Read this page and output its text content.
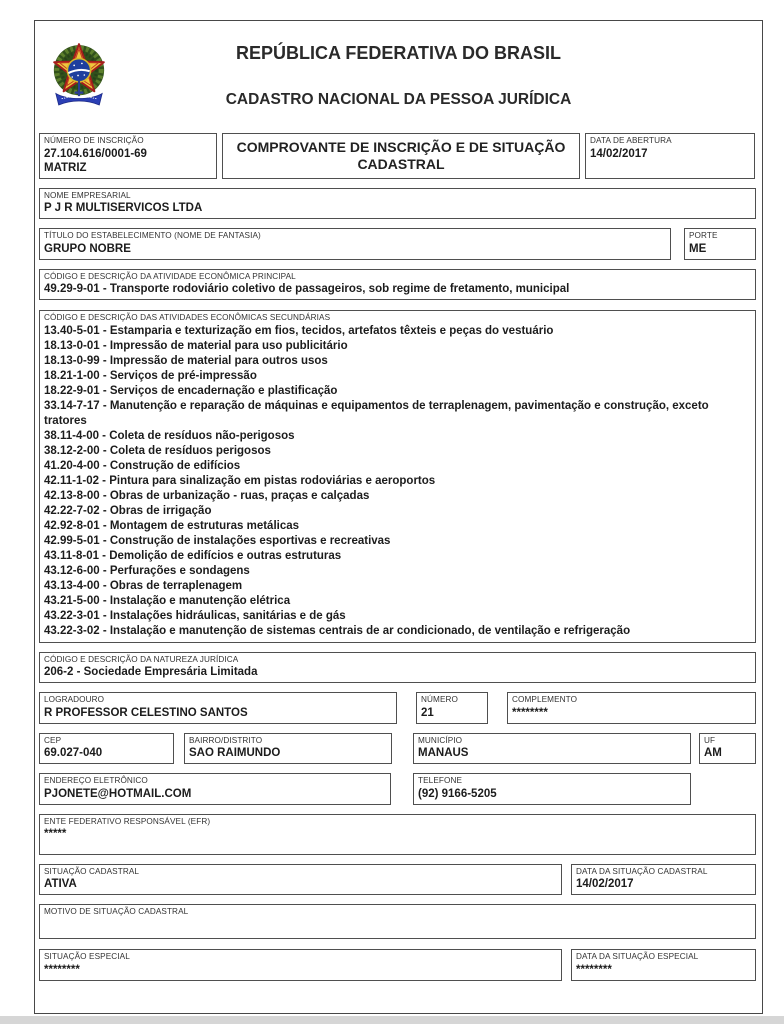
REPÚBLICA FEDERATIVA DO BRASIL
CADASTRO NACIONAL DA PESSOA JURÍDICA
NÚMERO DE INSCRIÇÃO
27.104.616/0001-69
MATRIZ
COMPROVANTE DE INSCRIÇÃO E DE SITUAÇÃO CADASTRAL
DATA DE ABERTURA
14/02/2017
NOME EMPRESARIAL
P J R MULTISERVICOS LTDA
TÍTULO DO ESTABELECIMENTO (NOME DE FANTASIA)
GRUPO NOBRE
PORTE
ME
CÓDIGO E DESCRIÇÃO DA ATIVIDADE ECONÔMICA PRINCIPAL
49.29-9-01 - Transporte rodoviário coletivo de passageiros, sob regime de fretamento, municipal
CÓDIGO E DESCRIÇÃO DAS ATIVIDADES ECONÔMICAS SECUNDÁRIAS
13.40-5-01 - Estamparia e texturização em fios, tecidos, artefatos têxteis e peças do vestuário
18.13-0-01 - Impressão de material para uso publicitário
18.13-0-99 - Impressão de material para outros usos
18.21-1-00 - Serviços de pré-impressão
18.22-9-01 - Serviços de encadernação e plastificação
33.14-7-17 - Manutenção e reparação de máquinas e equipamentos de terraplenagem, pavimentação e construção, exceto tratores
38.11-4-00 - Coleta de resíduos não-perigosos
38.12-2-00 - Coleta de resíduos perigosos
41.20-4-00 - Construção de edifícios
42.11-1-02 - Pintura para sinalização em pistas rodoviárias e aeroportos
42.13-8-00 - Obras de urbanização - ruas, praças e calçadas
42.22-7-02 - Obras de irrigação
42.92-8-01 - Montagem de estruturas metálicas
42.99-5-01 - Construção de instalações esportivas e recreativas
43.11-8-01 - Demolição de edifícios e outras estruturas
43.12-6-00 - Perfurações e sondagens
43.13-4-00 - Obras de terraplenagem
43.21-5-00 - Instalação e manutenção elétrica
43.22-3-01 - Instalações hidráulicas, sanitárias e de gás
43.22-3-02 - Instalação e manutenção de sistemas centrais de ar condicionado, de ventilação e refrigeração
CÓDIGO E DESCRIÇÃO DA NATUREZA JURÍDICA
206-2 - Sociedade Empresária Limitada
LOGRADOURO
R PROFESSOR CELESTINO SANTOS
NÚMERO
21
COMPLEMENTO
********
CEP
69.027-040
BAIRRO/DISTRITO
SAO RAIMUNDO
MUNICÍPIO
MANAUS
UF
AM
ENDEREÇO ELETRÔNICO
PJONETE@HOTMAIL.COM
TELEFONE
(92) 9166-5205
ENTE FEDERATIVO RESPONSÁVEL (EFR)
*****
SITUAÇÃO CADASTRAL
ATIVA
DATA DA SITUAÇÃO CADASTRAL
14/02/2017
MOTIVO DE SITUAÇÃO CADASTRAL
SITUAÇÃO ESPECIAL
********
DATA DA SITUAÇÃO ESPECIAL
********
